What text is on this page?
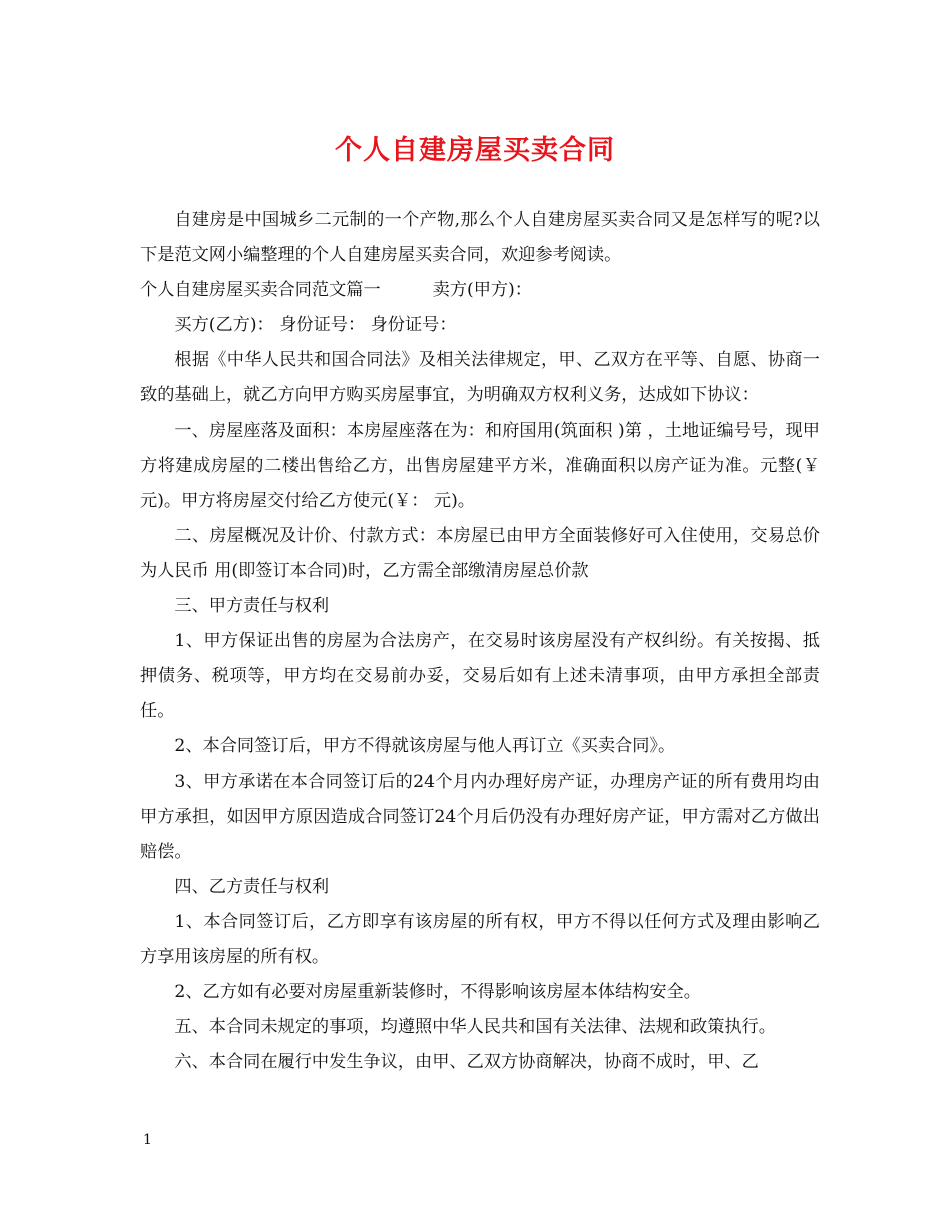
个人自建房屋买卖合同

自建房是中国城乡二元制的一个产物,那么个人自建房屋买卖合同又是怎样写的呢?以下是范文网小编整理的个人自建房屋买卖合同，欢迎参考阅读。

个人自建房屋买卖合同范文篇一	卖方(甲方)：

买方(乙方)： 身份证号： 身份证号：

根据《中华人民共和国合同法》及相关法律规定，甲、乙双方在平等、自愿、协商一致的基础上，就乙方向甲方购买房屋事宜，为明确双方权利义务，达成如下协议：

一、房屋座落及面积：本房屋座落在为：和府国用(筑面积 )第 ，土地证编号号，现甲方将建成房屋的二楼出售给乙方，出售房屋建平方米，准确面积以房产证为准。元整(￥ 元)。甲方将房屋交付给乙方使元(￥： 元)。

二、房屋概况及计价、付款方式：本房屋已由甲方全面装修好可入住使用，交易总价为人民币 用(即签订本合同)时，乙方需全部缴清房屋总价款

三、甲方责任与权利

1、甲方保证出售的房屋为合法房产，在交易时该房屋没有产权纠纷。有关按揭、抵押债务、税项等，甲方均在交易前办妥，交易后如有上述未清事项，由甲方承担全部责任。

2、本合同签订后，甲方不得就该房屋与他人再订立《买卖合同》。

3、甲方承诺在本合同签订后的24个月内办理好房产证，办理房产证的所有费用均由甲方承担，如因甲方原因造成合同签订24个月后仍没有办理好房产证，甲方需对乙方做出赔偿。

四、乙方责任与权利

1、本合同签订后，乙方即享有该房屋的所有权，甲方不得以任何方式及理由影响乙方享用该房屋的所有权。

2、乙方如有必要对房屋重新装修时，不得影响该房屋本体结构安全。

五、本合同未规定的事项，均遵照中华人民共和国有关法律、法规和政策执行。

六、本合同在履行中发生争议，由甲、乙双方协商解决，协商不成时，甲、乙

1
